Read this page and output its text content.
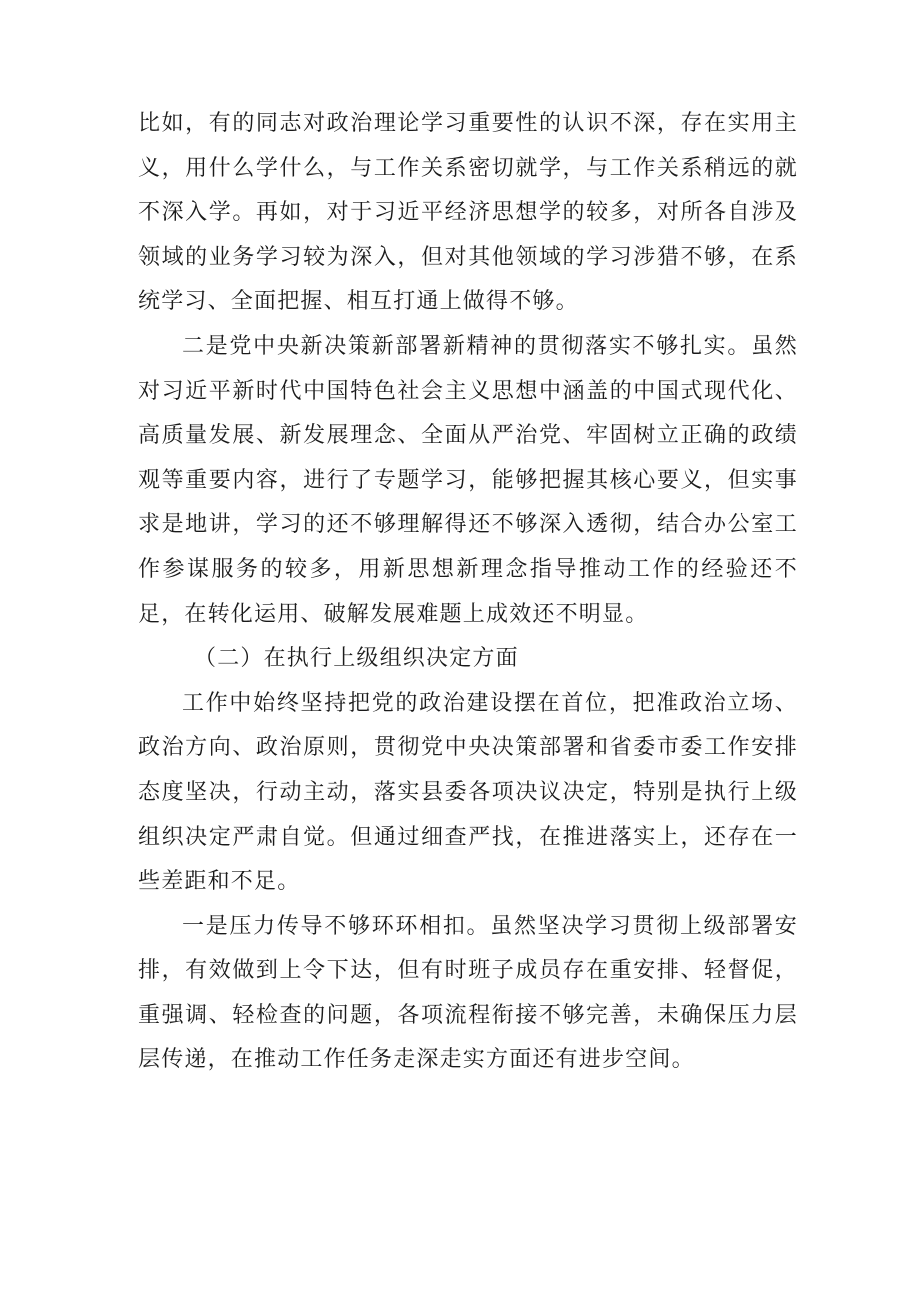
比如，有的同志对政治理论学习重要性的认识不深，存在实用主义，用什么学什么，与工作关系密切就学，与工作关系稍远的就不深入学。再如，对于习近平经济思想学的较多，对所各自涉及领域的业务学习较为深入，但对其他领域的学习涉猎不够，在系统学习、全面把握、相互打通上做得不够。

二是党中央新决策新部署新精神的贯彻落实不够扎实。虽然对习近平新时代中国特色社会主义思想中涵盖的中国式现代化、高质量发展、新发展理念、全面从严治党、牢固树立正确的政绩观等重要内容，进行了专题学习，能够把握其核心要义，但实事求是地讲，学习的还不够理解得还不够深入透彻，结合办公室工作参谋服务的较多，用新思想新理念指导推动工作的经验还不足，在转化运用、破解发展难题上成效还不明显。

（二）在执行上级组织决定方面

工作中始终坚持把党的政治建设摆在首位，把准政治立场、政治方向、政治原则，贯彻党中央决策部署和省委市委工作安排态度坚决，行动主动，落实县委各项决议决定，特别是执行上级组织决定严肃自觉。但通过细查严找，在推进落实上，还存在一些差距和不足。

一是压力传导不够环环相扣。虽然坚决学习贯彻上级部署安排，有效做到上令下达，但有时班子成员存在重安排、轻督促，重强调、轻检查的问题，各项流程衔接不够完善，未确保压力层层传递，在推动工作任务走深走实方面还有进步空间。
